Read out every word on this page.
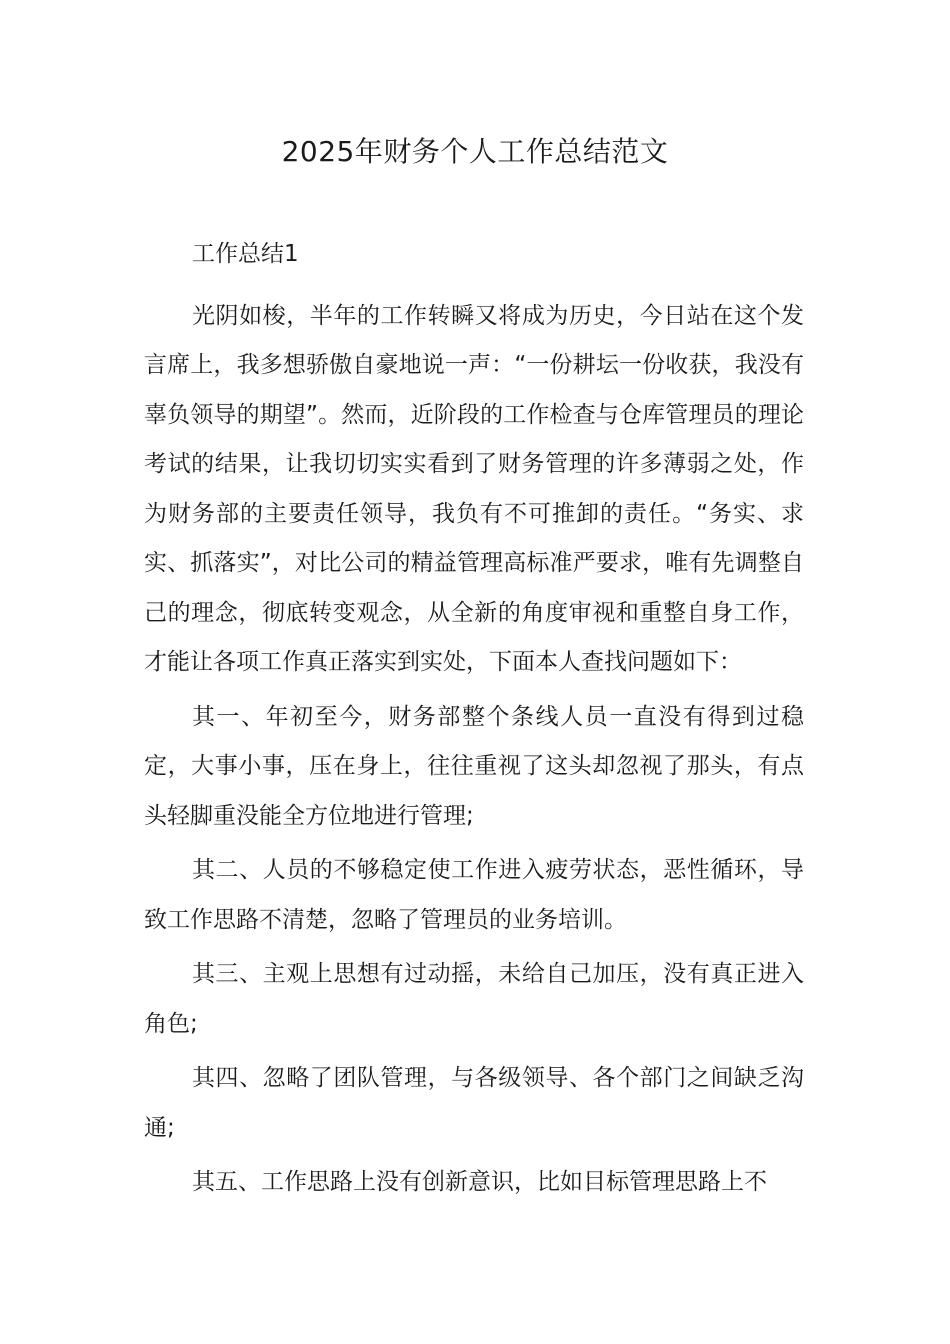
2025年财务个人工作总结范文

工作总结1

光阴如梭，半年的工作转瞬又将成为历史，今日站在这个发言席上，我多想骄傲自豪地说一声：“一份耕坛一份收获，我没有辜负领导的期望”。然而，近阶段的工作检查与仓库管理员的理论考试的结果，让我切切实实看到了财务管理的许多薄弱之处，作为财务部的主要责任领导，我负有不可推卸的责任。“务实、求实、抓落实”，对比公司的精益管理高标准严要求，唯有先调整自己的理念，彻底转变观念，从全新的角度审视和重整自身工作，才能让各项工作真正落实到实处，下面本人查找问题如下：

其一、年初至今，财务部整个条线人员一直没有得到过稳定，大事小事，压在身上，往往重视了这头却忽视了那头，有点头轻脚重没能全方位地进行管理;

其二、人员的不够稳定使工作进入疲劳状态，恶性循环，导致工作思路不清楚，忽略了管理员的业务培训。

其三、主观上思想有过动摇，未给自己加压，没有真正进入角色;

其四、忽略了团队管理，与各级领导、各个部门之间缺乏沟通;

其五、工作思路上没有创新意识，比如目标管理思路上不
